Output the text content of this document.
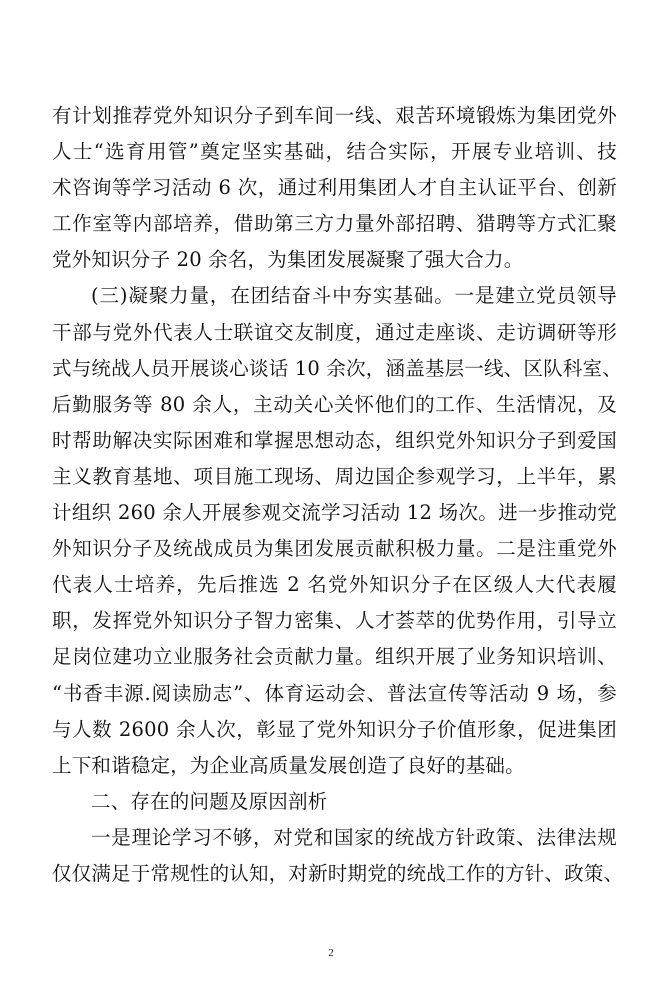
有计划推荐党外知识分子到车间一线、艰苦环境锻炼为集团党外
人士“选育用管”奠定坚实基础，结合实际，开展专业培训、技
术咨询等学习活动 6 次，通过利用集团人才自主认证平台、创新
工作室等内部培养，借助第三方力量外部招聘、猎聘等方式汇聚
党外知识分子 20 余名，为集团发展凝聚了强大合力。

(三)凝聚力量，在团结奋斗中夯实基础。一是建立党员领导
干部与党外代表人士联谊交友制度，通过走座谈、走访调研等形
式与统战人员开展谈心谈话 10 余次，涵盖基层一线、区队科室、
后勤服务等 80 余人，主动关心关怀他们的工作、生活情况，及
时帮助解决实际困难和掌握思想动态，组织党外知识分子到爱国
主义教育基地、项目施工现场、周边国企参观学习，上半年，累
计组织 260 余人开展参观交流学习活动 12 场次。进一步推动党
外知识分子及统战成员为集团发展贡献积极力量。二是注重党外
代表人士培养，先后推选 2 名党外知识分子在区级人大代表履
职，发挥党外知识分子智力密集、人才荟萃的优势作用，引导立
足岗位建功立业服务社会贡献力量。组织开展了业务知识培训、
“书香丰源.阅读励志”、体育运动会、普法宣传等活动 9 场，参
与人数 2600 余人次，彰显了党外知识分子价值形象，促进集团
上下和谐稳定，为企业高质量发展创造了良好的基础。

二、存在的问题及原因剖析

一是理论学习不够，对党和国家的统战方针政策、法律法规
仅仅满足于常规性的认知，对新时期党的统战工作的方针、政策、

2
